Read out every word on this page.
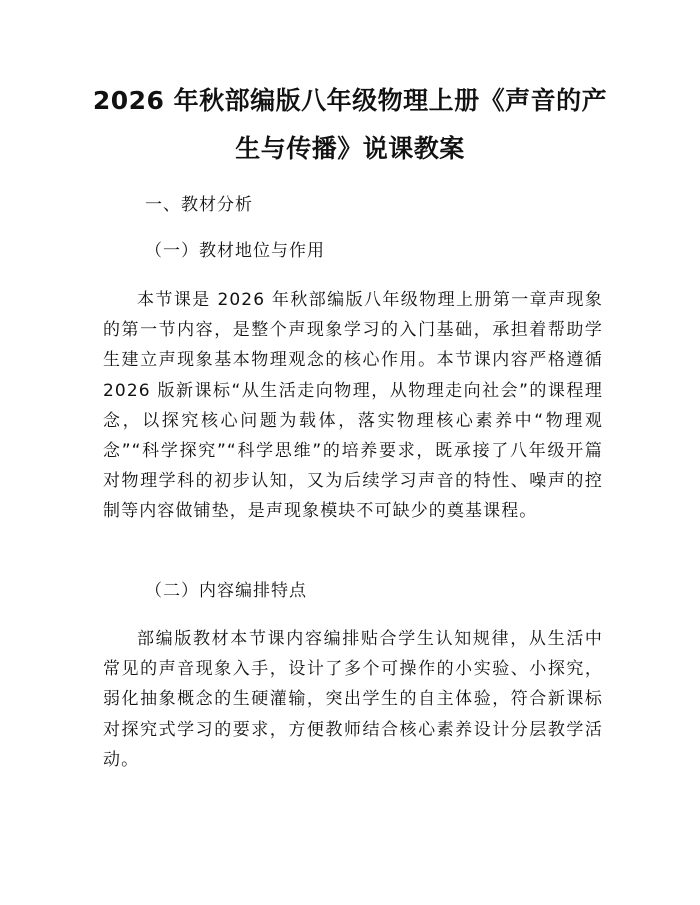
2026 年秋部编版八年级物理上册《声音的产
生与传播》说课教案
一、教材分析
（一）教材地位与作用
本节课是 2026 年秋部编版八年级物理上册第一章声现象的第一节内容，是整个声现象学习的入门基础，承担着帮助学生建立声现象基本物理观念的核心作用。本节课内容严格遵循 2026 版新课标“从生活走向物理，从物理走向社会”的课程理念，以探究核心问题为载体，落实物理核心素养中“物理观念”“科学探究”“科学思维”的培养要求，既承接了八年级开篇对物理学科的初步认知，又为后续学习声音的特性、噪声的控制等内容做铺垫，是声现象模块不可缺少的奠基课程。
（二）内容编排特点
部编版教材本节课内容编排贴合学生认知规律，从生活中常见的声音现象入手，设计了多个可操作的小实验、小探究，弱化抽象概念的生硬灌输，突出学生的自主体验，符合新课标对探究式学习的要求，方便教师结合核心素养设计分层教学活动。
